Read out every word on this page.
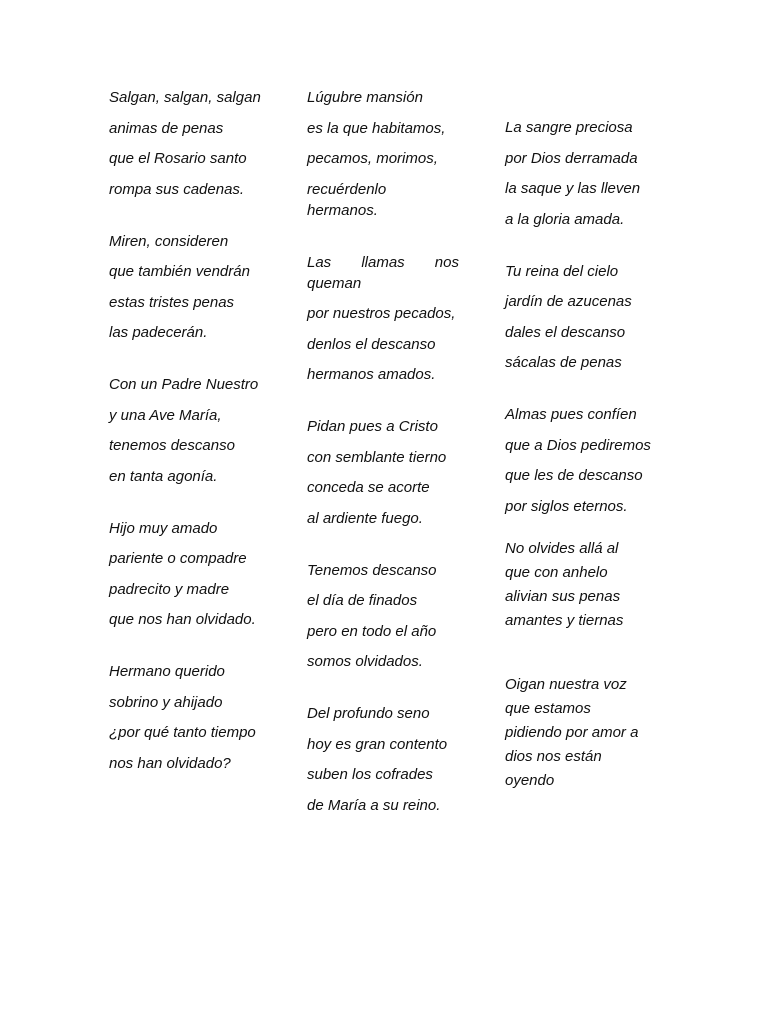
Salgan, salgan, salgan
animas de penas
que el Rosario santo
rompa sus cadenas.
Miren, consideren
que también vendrán
estas tristes penas
las padecerán.
Con un Padre Nuestro
y una Ave María,
tenemos descanso
en tanta agonía.
Hijo muy amado
pariente o compadre
padrecito y madre
que nos han olvidado.
Hermano querido
sobrino y ahijado
¿por qué tanto tiempo
nos han olvidado?
Lúgubre mansión
es la que habitamos,
pecamos, morimos,
recuérdenlo hermanos.
Las llamas nos queman
por nuestros pecados,
denlos el descanso
hermanos amados.
Pidan pues a Cristo
con semblante tierno
conceda se acorte
al ardiente fuego.
Tenemos descanso
el día de finados
pero en todo el año
somos olvidados.
Del profundo seno
hoy es gran contento
suben los cofrades
de María a su reino.
La sangre preciosa
por Dios derramada
la saque y las lleven
a la gloria amada.
Tu reina del cielo
jardín de azucenas
dales el descanso
sácalas de penas
Almas pues confíen
que a Dios pediremos
que les de descanso
por siglos eternos.
No olvides allá al
que con anhelo
alivian sus penas
amantes y tiernas
Oigan nuestra voz
que estamos
pidiendo por amor a
dios nos están
oyendo
